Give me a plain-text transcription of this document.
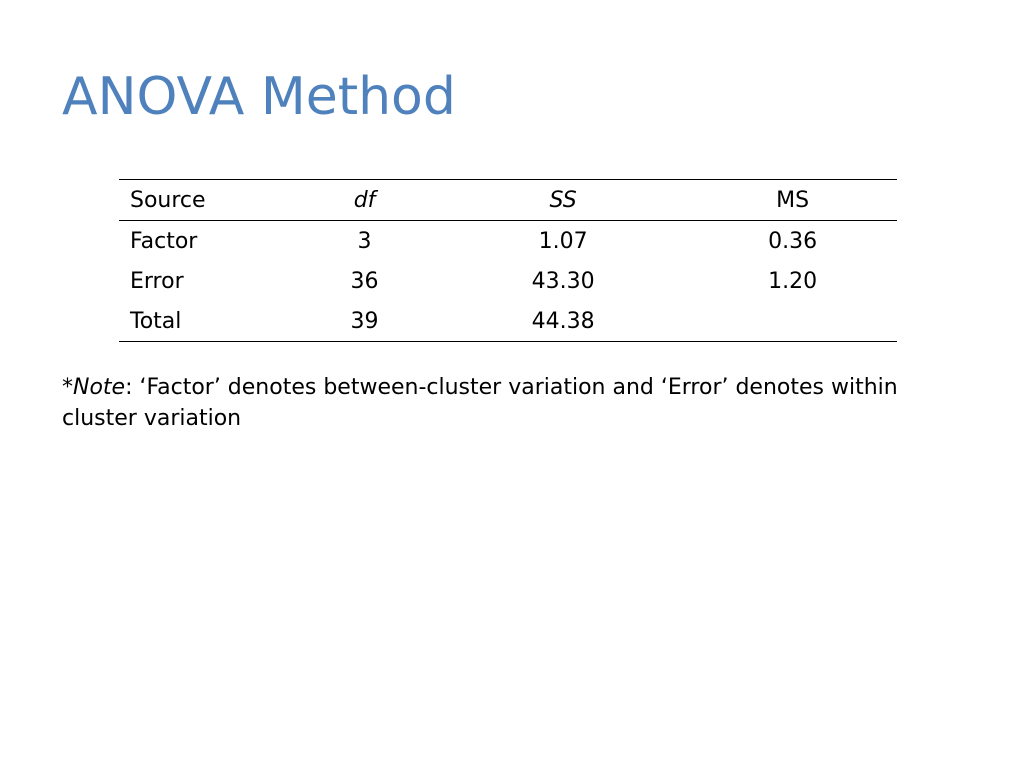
ANOVA Method
Source	df	SS	MS
Factor	3	1.07	0.36
Error	36	43.30	1.20
Total	39	44.38	

*Note: ‘Factor’ denotes between-cluster variation and ‘Error’ denotes within cluster variation
